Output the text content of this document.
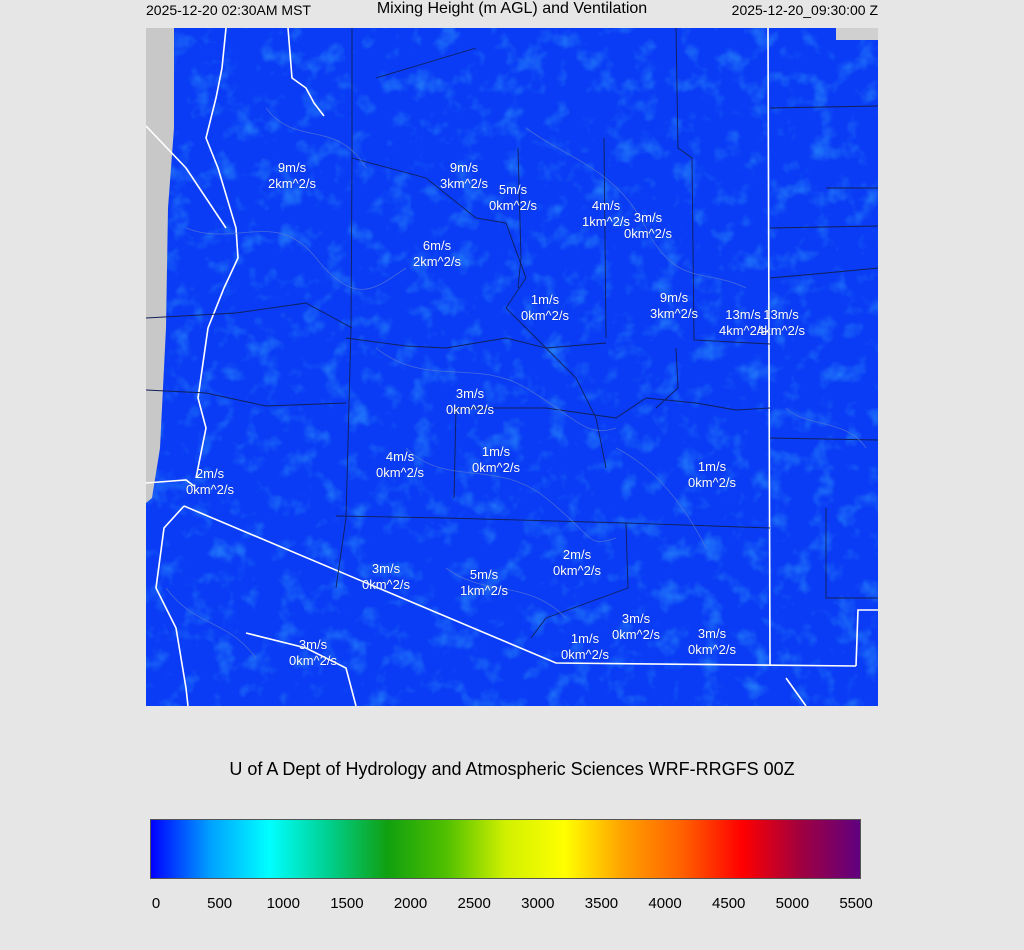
2025-12-20 02:30AM MST	Mixing Height (m AGL) and Ventilation	2025-12-20_09:30:00 Z
9m/s
2km^2/s
9m/s
3km^2/s 5m/s
0km^2/s	4m/s
1km^2/s 3m/s
0km^2/s
6m/s
2km^2/s
1m/s
0km^2/s
9m/s
3km^2/s	13m/s
4km^2/s
13m/s
4km^2/s
3m/s
0km^2/s
4m/s
0km^2/s
1m/s
0km^2/s
2m/s
0km^2/s
3m/s
0km^2/s
5m/s
1km^2/s
2m/s
0km^2/s
3m/s
0km^2/s
1m/s
0km^2/s
1m/s
0km^2/s
3m/s
0km^2/s
3m/s
0km^2/s
U of A Dept of Hydrology and Atmospheric Sciences WRF-RRGFS 00Z
0	500 1000 1500 2000 2500 3000 3500 4000 4500 5000 5500
